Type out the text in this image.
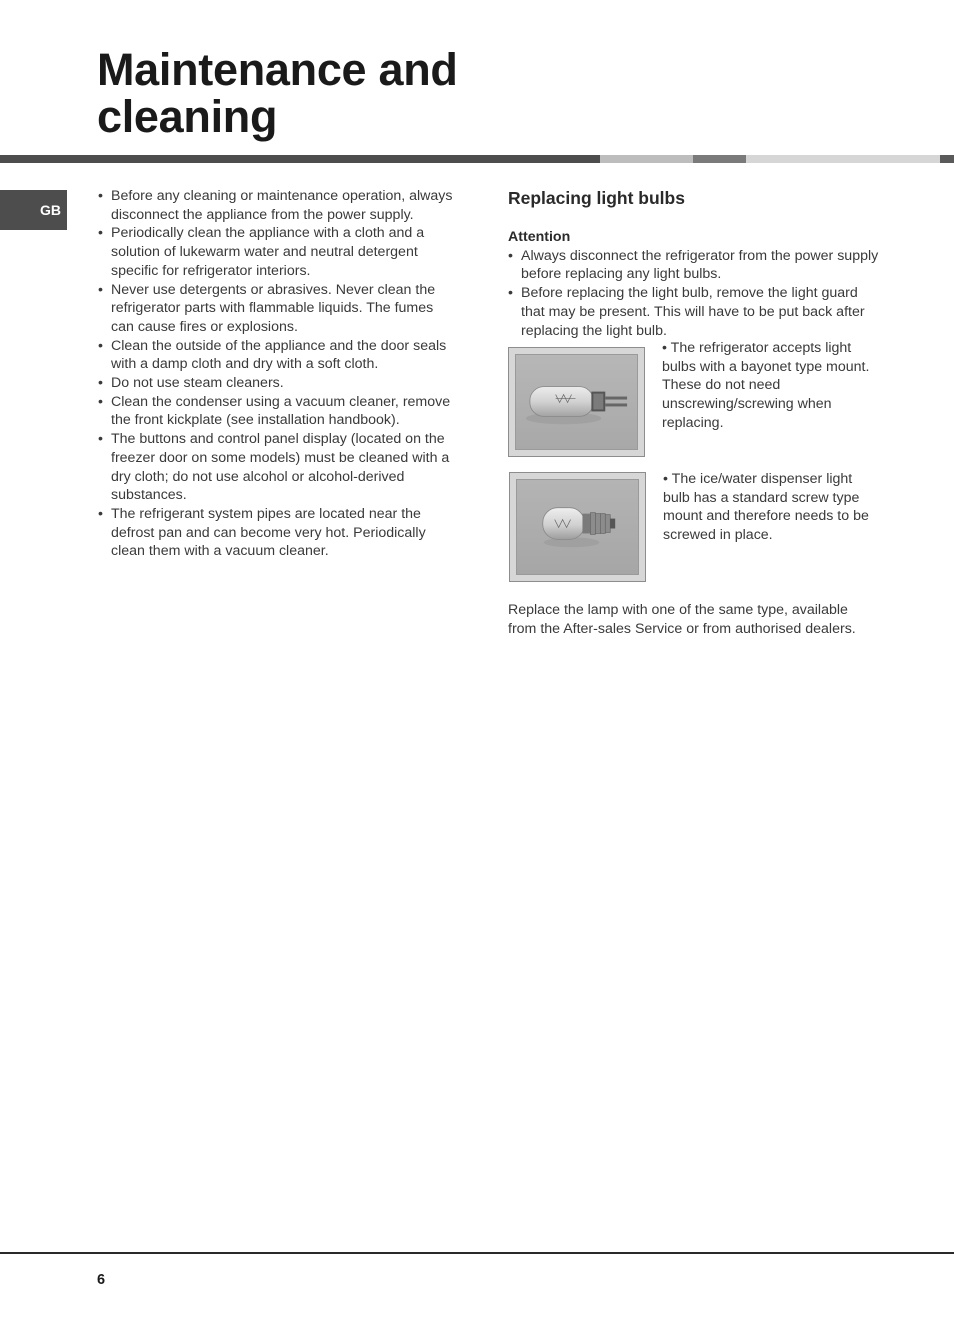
Maintenance and cleaning
GB
• Before any cleaning or maintenance operation, always disconnect the appliance from the power supply.
• Periodically clean the appliance with a cloth and a solution of lukewarm water and neutral detergent specific for refrigerator interiors.
• Never use detergents or abrasives. Never clean the refrigerator parts with flammable liquids. The fumes can cause fires or explosions.
• Clean the outside of the appliance and the door seals with a damp cloth and dry with a soft cloth.
• Do not use steam cleaners.
• Clean the condenser using a vacuum cleaner, remove the front kickplate (see installation handbook).
• The buttons and control panel display (located on the freezer door on some models) must be cleaned with a dry cloth; do not use alcohol or alcohol-derived substances.
• The refrigerant system pipes are located near the defrost pan and can become very hot. Periodically clean them with a vacuum cleaner.
Replacing light bulbs
Attention
• Always disconnect the refrigerator from the power supply before replacing any light bulbs.
• Before replacing the light bulb, remove the light guard that may be present. This will have to be put back after replacing the light bulb.
• The refrigerator accepts light bulbs with a bayonet type mount. These do not need unscrewing/screwing when replacing.
• The ice/water dispenser light bulb has a standard screw type mount and therefore needs to be screwed in place.

Replace the lamp with one of the same type, available from the After-sales Service or from authorised dealers.

6
